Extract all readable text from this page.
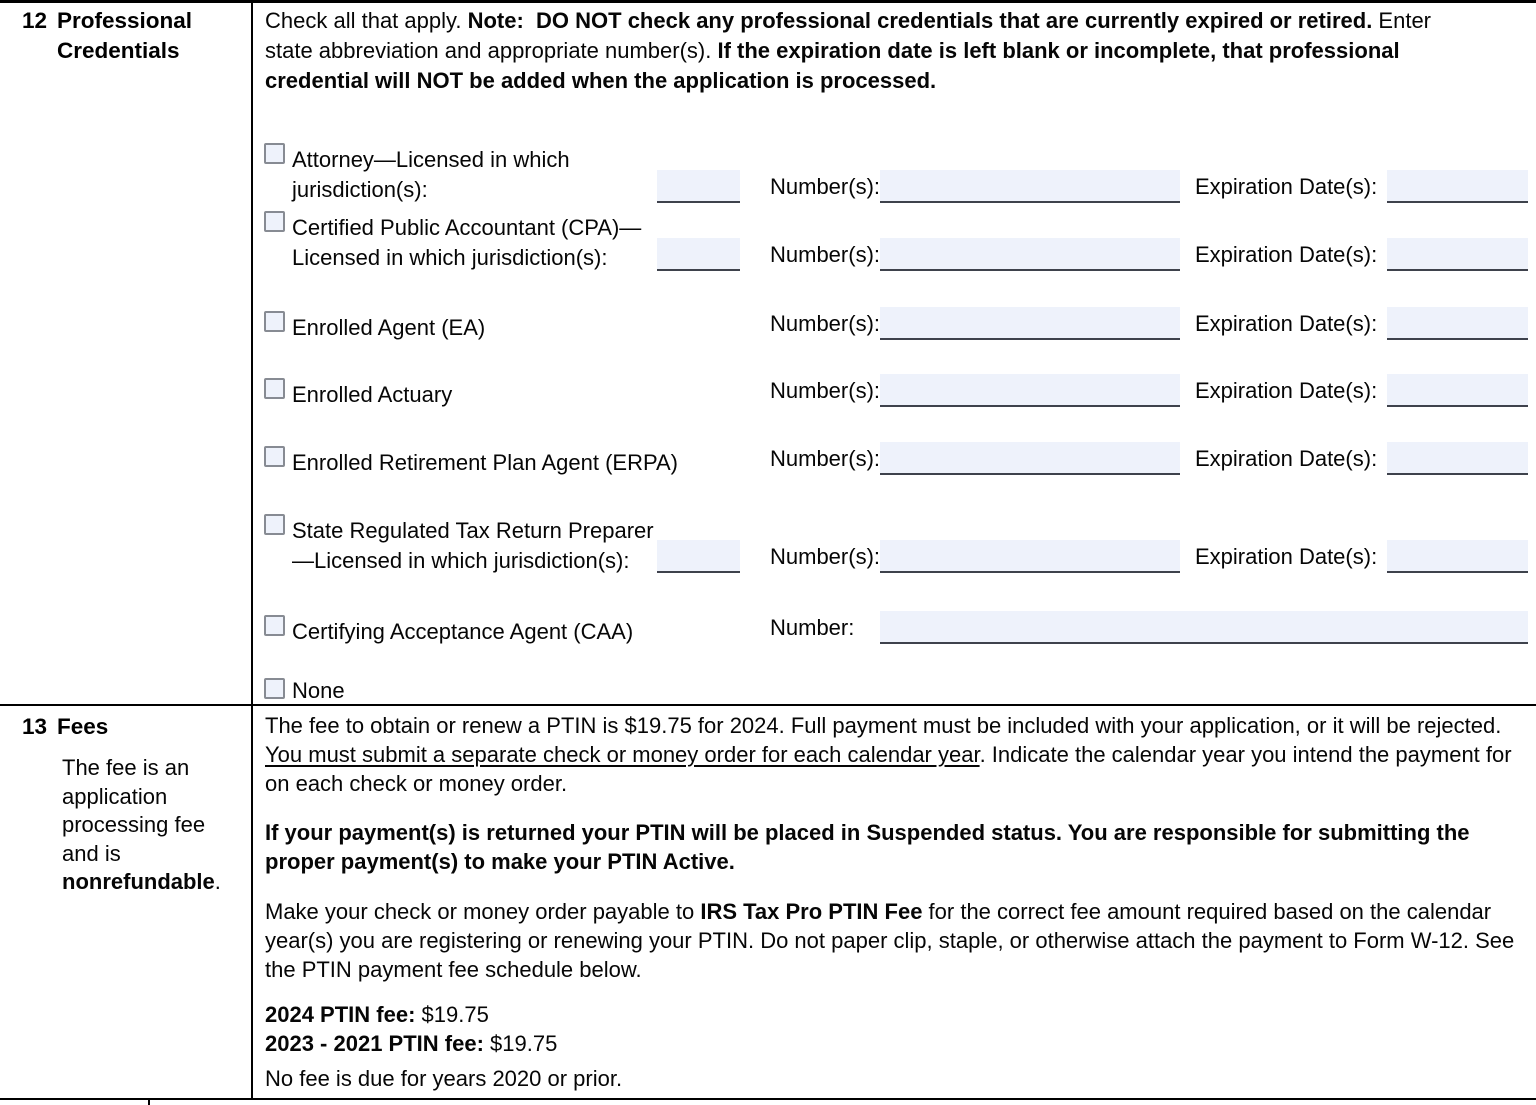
12 Professional Credentials
Check all that apply. Note:  DO NOT check any professional credentials that are currently expired or retired. Enter state abbreviation and appropriate number(s). If the expiration date is left blank or incomplete, that professional credential will NOT be added when the application is processed.
Attorney—Licensed in which
jurisdiction(s):	Number(s):	Expiration Date(s):
Certified Public Accountant (CPA)—
Licensed in which jurisdiction(s):	Number(s):	Expiration Date(s):
Enrolled Agent (EA)	Number(s):	Expiration Date(s):
Enrolled Actuary	Number(s):	Expiration Date(s):
Enrolled Retirement Plan Agent (ERPA)	Number(s):	Expiration Date(s):
State Regulated Tax Return Preparer
—Licensed in which jurisdiction(s):	Number(s):	Expiration Date(s):
Certifying Acceptance Agent (CAA)	Number:
None
13 Fees
The fee is an application processing fee and is nonrefundable.
The fee to obtain or renew a PTIN is $19.75 for 2024. Full payment must be included with your application, or it will be rejected. You must submit a separate check or money order for each calendar year. Indicate the calendar year you intend the payment for on each check or money order.
If your payment(s) is returned your PTIN will be placed in Suspended status. You are responsible for submitting the proper payment(s) to make your PTIN Active.
Make your check or money order payable to IRS Tax Pro PTIN Fee for the correct fee amount required based on the calendar year(s) you are registering or renewing your PTIN. Do not paper clip, staple, or otherwise attach the payment to Form W-12. See the PTIN payment fee schedule below.
2024 PTIN fee: $19.75
2023 - 2021 PTIN fee: $19.75
No fee is due for years 2020 or prior.
